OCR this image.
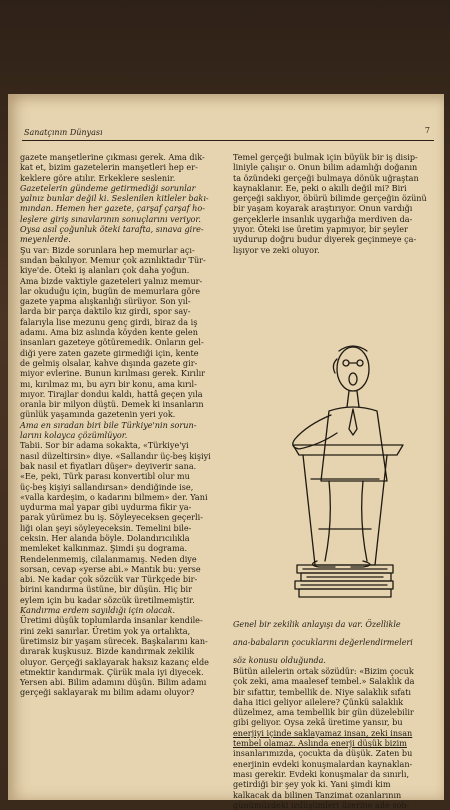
Sanatçının Dünyası	7

gazete manşetlerine çıkması gerek. Ama dik-

kat et, bizim gazetelerin manşetleri hep er-

keklere göre atılır. Erkeklere seslenir.

Gazetelerin gündeme getirmediği sorunlar

yalnız bunlar değil ki. Seslenilen kitleler bakı-

mından. Hemen her gazete, çarşaf çarşaf ho-

leşlere giriş sınavlarının sonuçlarını veriyor.

Oysa asıl çoğunluk öteki tarafta, sınava gire-

meyenlerde.

Şu var: Bizde sorunlara hep memurlar açı-

sından bakılıyor. Memur çok azınlıktadır Tür-

kiye'de. Öteki iş alanları çok daha yoğun.

Ama bizde vaktiyle gazeteleri yalnız memur-

lar okuduğu için, bugün de memurlara göre

gazete yapma alışkanlığı sürüyor. Son yıl-

larda bir parça daktilo kız girdi, spor say-

falarıyla lise mezunu genç girdi, biraz da iş

adamı. Ama biz aslında köyden kente gelen

insanları gazeteye götüremedik. Onların gel-

diği yere zaten gazete girmediği için, kente

de gelmiş olsalar, kahve dışında gazete gir-

miyor evlerine. Bunun kırılması gerek. Kırılır

mı, kırılmaz mı, bu ayrı bir konu, ama kırıl-

mıyor. Tirajlar donduı kaldı, hattâ geçen yıla

oranla bir milyon düştü. Demek ki insanların

günlük yaşamında gazetenin yeri yok.

Ama en sıradan biri bile Türkiye'nin sorun-

larını kolayca çözümlüyor.

Tabii. Sor bir adama sokakta, «Türkiye'yi

nasıl düzeltirsin» diye. «Sallandır üç-beş kişiyi

bak nasıl et fiyatları düşer» deyiverir sana.

«Ee, peki, Türk parası konvertibl olur mu

üç-beş kişiyi sallandırsan» dendiğinde ise,

«valla kardeşim, o kadarını bilmem» der. Yani

uydurma mal yapar gibi uydurma fikir ya-

parak yürümez bu iş. Söyleyeceksen geçerli-

liği olan şeyi söyleyeceksin. Temelini bile-

ceksin. Her alanda böyle. Dolandırıcılıkla

memleket kalkınmaz. Şimdi şu dograma.

Rendelenmemiş, cilalanmamış. Neden diye

sorsan, cevap «yerse abi.» Mantık bu: yerse

abi. Ne kadar çok sözcük var Türkçede bir-

birini kandırma üstüne, bir düşün. Hiç bir

eylem için bu kadar sözcük üretilmemiştir.

Kandırma erdem sayıldığı için olacak.

Üretimi düşük toplumlarda insanlar kendile-

rini zeki sanırlar. Üretim yok ya ortalıkta,

üretimsiz bir yaşam sürecek. Başkalarını kan-

dırarak kuşkusuz. Bizde kandırmak zekilik

oluyor. Gerçeği saklayarak haksız kazanç elde

etmektir kandırmak. Çürük mala iyi diyecek.

Yersen abi. Bilim adamını düşün. Bilim adamı

gerçeği saklayarak mı bilim adamı oluyor?

Temel gerçeği bulmak için büyük bir iş disip-

liniyle çalışır o. Onun bilim adamlığı doğanın

ta özündeki gerçeği bulmaya dönük uğraştan

kaynaklanır. Ee, peki o akıllı değil mi? Biri

gerçeği saklıyor, öbürü bilimde gerçeğin özünü

bir yaşam koyarak araştırıyor. Onun vardığı

gerçeklerle insanlık uygarlığa merdiven da-

yıyor. Öteki ise üretim yapmıyor, bir şeyler

uydurup doğru budur diyerek geçinmeye ça-

lışıyor ve zeki oluyor.

Genel bir zekilik anlayışı da var. Özellikle

ana-babaların çocuklarını değerlendirmeleri

söz konusu olduğunda.

Bütün ailelerin ortak sözüdür: «Bizim çocuk

çok zeki, ama maalesef tembel.» Salaklık da

bir sıfattır, tembellik de. Niye salaklık sıfatı

daha itici geliyor ailelere? Çünkü salaklık

düzelmez, ama tembellik bir gün düzelebilir

gibi geliyor. Oysa zekâ üretime yansır, bu

enerjiyi içinde saklayamaz insan, zeki insan

tembel olamaz. Aslında enerji düşük bizim

insanlarımızda, çocukta da düşük. Zaten bu

enerjinin evdeki konuşmalardan kaynaklan-

ması gerekir. Evdeki konuşmalar da sınırlı,

getirdiği bir şey yok ki. Yani şimdi kim

kalkacak da bilinen Tanzimat ozanlarının

günümüzdeki izdüşümleri üzerine aile soh-
